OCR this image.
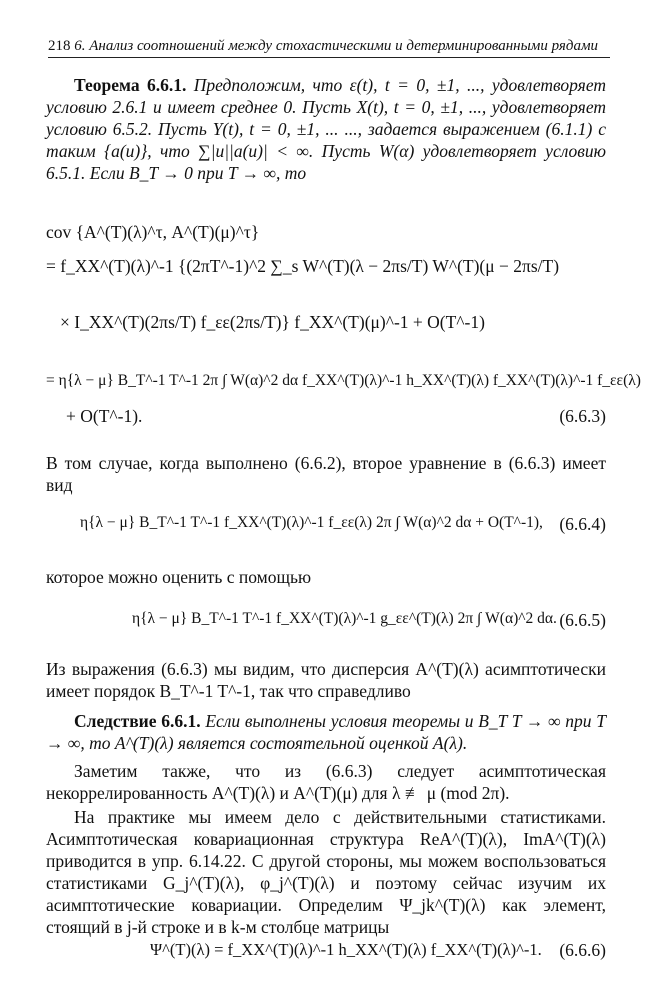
218 6. Анализ соотношений между стохастическими и детерминированными рядами

Теорема 6.6.1. Предположим, что ε(t), t = 0, ±1, ..., удовлетворяет условию 2.6.1 и имеет среднее 0. Пусть X(t), t = 0, ±1, ..., удовлетворяет условию 6.5.2. Пусть Y(t), t = 0, ±1, ... ..., задается выражением (6.1.1) с таким {a(u)}, что ∑|u||a(u)| < ∞. Пусть W(α) удовлетворяет условию 6.5.1. Если B_T → 0 при T → ∞, то

cov {A^(T)(λ)^τ, A^(T)(μ)^τ}
= f_XX^(T)(λ)^-1 {(2πT^-1)^2 ∑_s W^(T)(λ − 2πs/T) W^(T)(μ − 2πs/T)
× I_XX^(T)(2πs/T) f_εε(2πs/T)} f_XX^(T)(μ)^-1 + O(T^-1)
= η{λ − μ} B_T^-1 T^-1 2π ∫ W(α)^2 dα f_XX^(T)(λ)^-1 h_XX^(T)(λ) f_XX^(T)(λ)^-1 f_εε(λ)
+ O(T^-1).	(6.6.3)

В том случае, когда выполнено (6.6.2), второе уравнение в (6.6.3) имеет вид

η{λ − μ} B_T^-1 T^-1 f_XX^(T)(λ)^-1 f_εε(λ) 2π ∫ W(α)^2 dα + O(T^-1), (6.6.4)

которое можно оценить с помощью

η{λ − μ} B_T^-1 T^-1 f_XX^(T)(λ)^-1 g_εε^(T)(λ) 2π ∫ W(α)^2 dα. (6.6.5)

Из выражения (6.6.3) мы видим, что дисперсия A^(T)(λ) асимптотически имеет порядок B_T^-1 T^-1, так что справедливо

Следствие 6.6.1. Если выполнены условия теоремы и B_T T → ∞ при T → ∞, то A^(T)(λ) является состоятельной оценкой A(λ).

Заметим также, что из (6.6.3) следует асимптотическая некоррелированность A^(T)(λ) и A^(T)(μ) для λ ≢ μ (mod 2π).

На практике мы имеем дело с действительными статистиками. Асимптотическая ковариационная структура ReA^(T)(λ), ImA^(T)(λ) приводится в упр. 6.14.22. С другой стороны, мы можем воспользоваться статистиками G_j^(T)(λ), φ_j^(T)(λ) и поэтому сейчас изучим их асимптотические ковариации. Определим Ψ_jk^(T)(λ) как элемент, стоящий в j-й строке и в k-м столбце матрицы

Ψ^(T)(λ) = f_XX^(T)(λ)^-1 h_XX^(T)(λ) f_XX^(T)(λ)^-1. (6.6.6)
